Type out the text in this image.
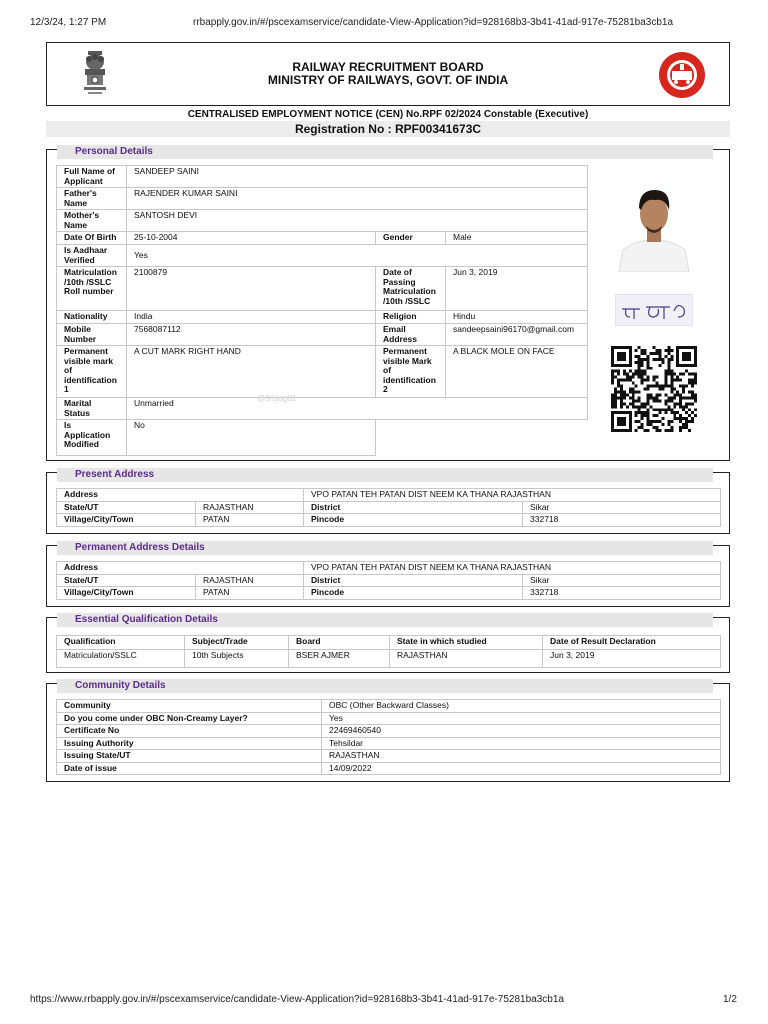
12/3/24, 1:27 PM	rrbapply.gov.in/#/pscexamservice/candidate-View-Application?id=928168b3-3b41-41ad-917e-75281ba3cb1a
RAILWAY RECRUITMENT BOARD
MINISTRY OF RAILWAYS, GOVT. OF INDIA
CENTRALISED EMPLOYMENT NOTICE (CEN) No.RPF 02/2024 Constable (Executive)
Registration No : RPF00341673C
Personal Details
Full Name of Applicant	SANDEEP SAINI		
Father's Name	RAJENDER KUMAR SAINI		
Mother's Name	SANTOSH DEVI		
Date Of Birth	25-10-2004	Gender	Male
Is Aadhaar Verified	Yes		
Matriculation /10th /SSLC Roll number	2100879	Date of Passing Matriculation /10th /SSLC	Jun 3, 2019
Nationality	India	Religion	Hindu
Mobile Number	7568087112	Email Address	sandeepsaini96170@gmail.com
Permanent visible mark of identification 1	A CUT MARK RIGHT HAND	Permanent visible Mark of identification 2	A BLACK MOLE ON FACE
Marital Status	Unmarried		
Is Application Modified	No		
@3rblog01
Present Address
Address		VPO PATAN TEH PATAN DIST NEEM KA THANA RAJASTHAN	
State/UT	RAJASTHAN	District	Sikar
Village/City/Town	PATAN	Pincode	332718
Permanent Address Details
Address		VPO PATAN TEH PATAN DIST NEEM KA THANA RAJASTHAN	
State/UT	RAJASTHAN	District	Sikar
Village/City/Town	PATAN	Pincode	332718
Essential Qualification Details
Qualification	Subject/Trade	Board	State in which studied	Date of Result Declaration
Matriculation/SSLC	10th Subjects	BSER AJMER	RAJASTHAN	Jun 3, 2019
Community Details
Community	OBC (Other Backward Classes)
Do you come under OBC Non-Creamy Layer?	Yes
Certificate No	22469460540
Issuing Authority	Tehsildar
Issuing State/UT	RAJASTHAN
Date of issue	14/09/2022
https://www.rrbapply.gov.in/#/pscexamservice/candidate-View-Application?id=928168b3-3b41-41ad-917e-75281ba3cb1a	1/2
